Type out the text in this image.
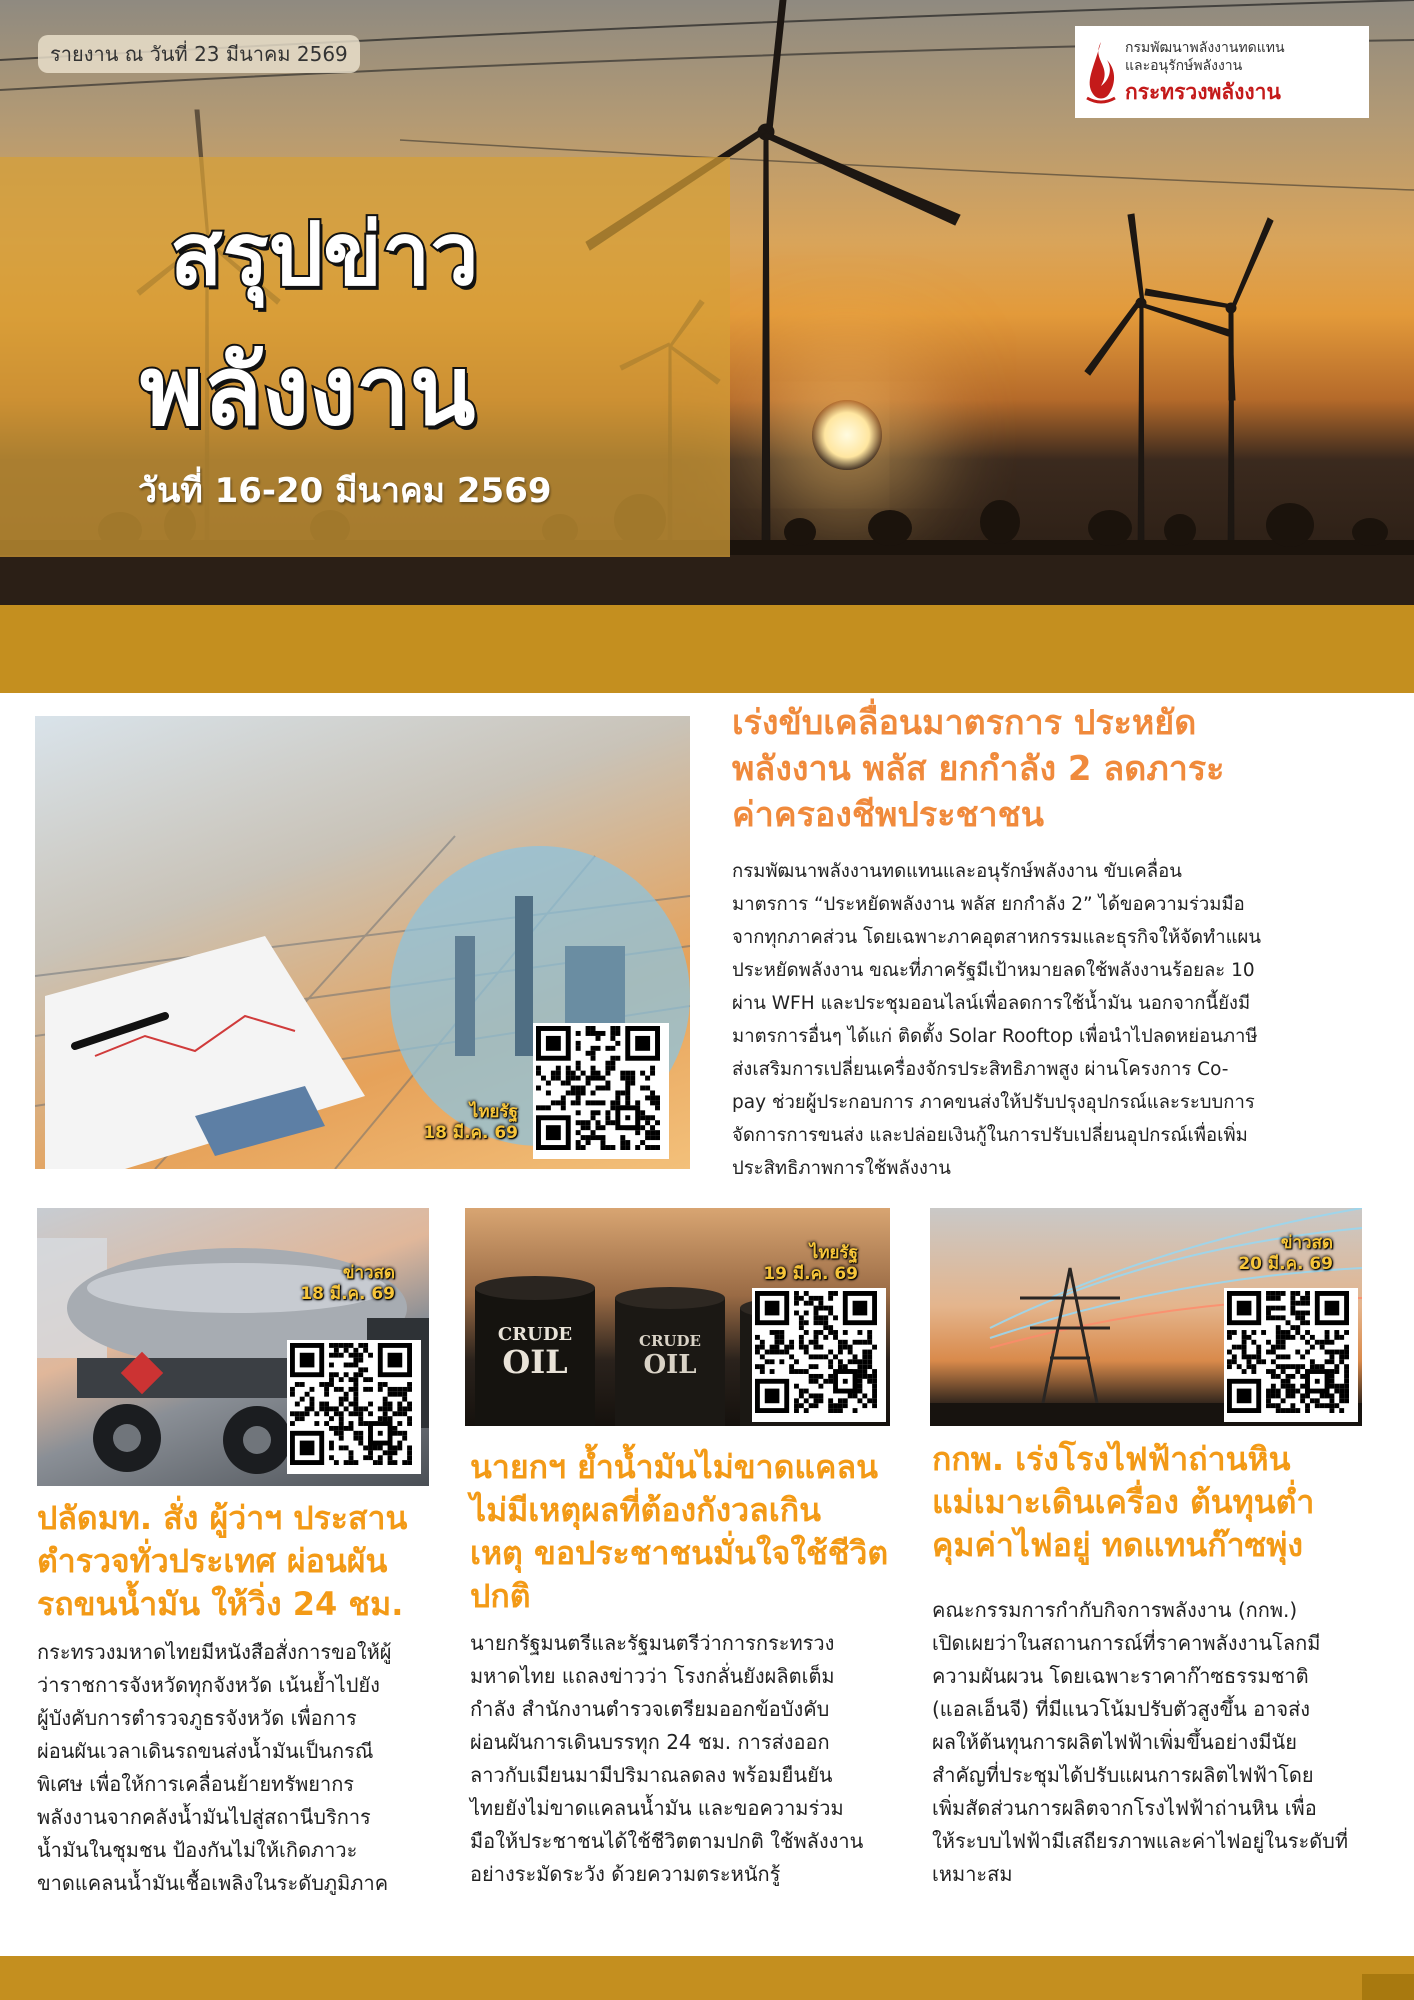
สรุปข่าว
พลังงาน
วันที่ 16-20 มีนาคม 2569
รายงาน ณ วันที่ 23 มีนาคม 2569	กรมพัฒนาพลังงานทดแทน
และอนุรักษ์พลังงาน
กระทรวงพลังงาน
ไทยรัฐ
18 มี.ค. 69
เร่งขับเคลื่อนมาตรการ ประหยัด
พลังงาน พลัส ยกกำลัง 2 ลดภาระ
ค่าครองชีพประชาชน
กรมพัฒนาพลังงานทดแทนและอนุรักษ์พลังงาน ขับเคลื่อน
มาตรการ “ประหยัดพลังงาน พลัส ยกกำลัง 2” ได้ขอความร่วมมือ
จากทุกภาคส่วน โดยเฉพาะภาคอุตสาหกรรมและธุรกิจให้จัดทำแผน
ประหยัดพลังงาน ขณะที่ภาครัฐมีเป้าหมายลดใช้พลังงานร้อยละ 10
ผ่าน WFH และประชุมออนไลน์เพื่อลดการใช้น้ำมัน นอกจากนี้ยังมี
มาตรการอื่นๆ ได้แก่ ติดตั้ง Solar Rooftop เพื่อนำไปลดหย่อนภาษี
ส่งเสริมการเปลี่ยนเครื่องจักรประสิทธิภาพสูง ผ่านโครงการ Co-
pay ช่วยผู้ประกอบการ ภาคขนส่งให้ปรับปรุงอุปกรณ์และระบบการ
จัดการการขนส่ง และปล่อยเงินกู้ในการปรับเปลี่ยนอุปกรณ์เพื่อเพิ่ม
ประสิทธิภาพการใช้พลังงาน
ข่าวสด
18 มี.ค. 69
ปลัดมท. สั่ง ผู้ว่าฯ ประสาน
ตำรวจทั่วประเทศ ผ่อนผัน
รถขนน้ำมัน ให้วิ่ง 24 ชม.
กระทรวงมหาดไทยมีหนังสือสั่งการขอให้ผู้
ว่าราชการจังหวัดทุกจังหวัด เน้นย้ำไปยัง
ผู้บังคับการตำรวจภูธรจังหวัด เพื่อการ
ผ่อนผันเวลาเดินรถขนส่งน้ำมันเป็นกรณี
พิเศษ เพื่อให้การเคลื่อนย้ายทรัพยากร
พลังงานจากคลังน้ำมันไปสู่สถานีบริการ
น้ำมันในชุมชน ป้องกันไม่ให้เกิดภาวะ
ขาดแคลนน้ำมันเชื้อเพลิงในระดับภูมิภาค
CRUDE
OIL
CRUDE
OIL
ไทยรัฐ
19 มี.ค. 69
นายกฯ ย้ำน้ำมันไม่ขาดแคลน
ไม่มีเหตุผลที่ต้องกังวลเกิน
เหตุ ขอประชาชนมั่นใจใช้ชีวิต
ปกติ
นายกรัฐมนตรีและรัฐมนตรีว่าการกระทรวง
มหาดไทย แถลงข่าวว่า โรงกลั่นยังผลิตเต็ม
กำลัง สำนักงานตำรวจเตรียมออกข้อบังคับ
ผ่อนผันการเดินบรรทุก 24 ชม. การส่งออก
ลาวกับเมียนมามีปริมาณลดลง พร้อมยืนยัน
ไทยยังไม่ขาดแคลนน้ำมัน และขอความร่วม
มือให้ประชาชนได้ใช้ชีวิตตามปกติ ใช้พลังงาน
อย่างระมัดระวัง ด้วยความตระหนักรู้
ข่าวสด
20 มี.ค. 69
กกพ. เร่งโรงไฟฟ้าถ่านหิน
แม่เมาะเดินเครื่อง ต้นทุนต่ำ
คุมค่าไฟอยู่ ทดแทนก๊าซพุ่ง
คณะกรรมการกำกับกิจการพลังงาน (กกพ.)
เปิดเผยว่าในสถานการณ์ที่ราคาพลังงานโลกมี
ความผันผวน โดยเฉพาะราคาก๊าซธรรมชาติ
(แอลเอ็นจี) ที่มีแนวโน้มปรับตัวสูงขึ้น อาจส่ง
ผลให้ต้นทุนการผลิตไฟฟ้าเพิ่มขึ้นอย่างมีนัย
สำคัญที่ประชุมได้ปรับแผนการผลิตไฟฟ้าโดย
เพิ่มสัดส่วนการผลิตจากโรงไฟฟ้าถ่านหิน เพื่อ
ให้ระบบไฟฟ้ามีเสถียรภาพและค่าไฟอยู่ในระดับที่
เหมาะสม
